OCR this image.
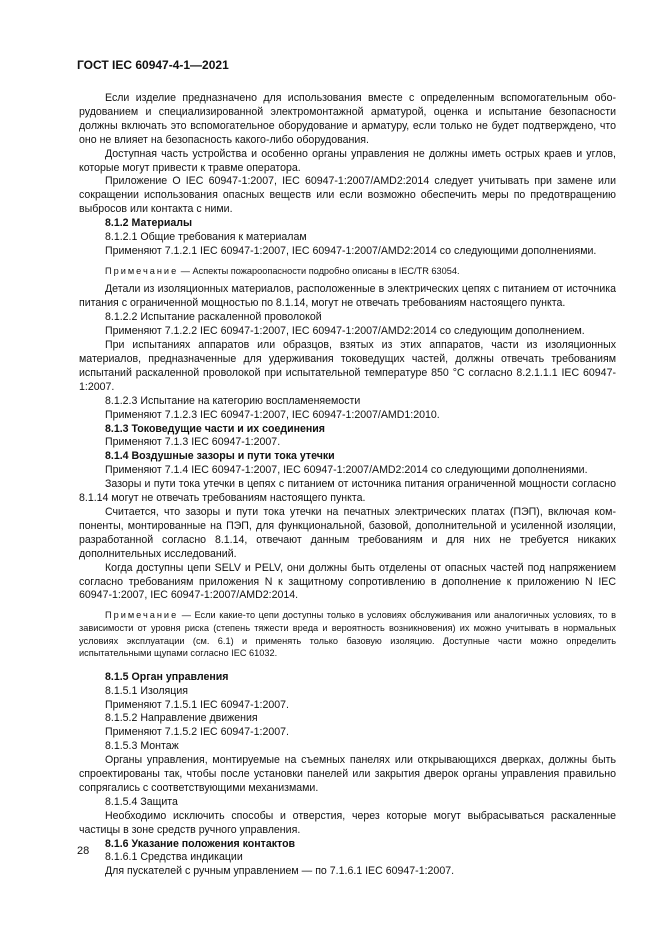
ГОСТ IEC 60947-4-1—2021

Если изделие предназначено для использования вместе с определенным вспомогательным оборудованием и специализированной электромонтажной арматурой, оценка и испытание безопасности должны включать это вспомогательное оборудование и арматуру, если только не будет подтверждено, что оно не влияет на безопасность какого-либо оборудования.

Доступная часть устройства и особенно органы управления не должны иметь острых краев и углов, которые могут привести к травме оператора.

Приложение O IEC 60947-1:2007, IEC 60947-1:2007/AMD2:2014 следует учитывать при замене или сокращении использования опасных веществ или если возможно обеспечить меры по предотвращению выбросов или контакта с ними.

8.1.2 Материалы

8.1.2.1 Общие требования к материалам

Применяют 7.1.2.1 IEC 60947-1:2007, IEC 60947-1:2007/AMD2:2014 со следующими дополнениями.

Примечание — Аспекты пожароопасности подробно описаны в IEC/TR 63054.

Детали из изоляционных материалов, расположенные в электрических цепях с питанием от источника питания с ограниченной мощностью по 8.1.14, могут не отвечать требованиям настоящего пункта.

8.1.2.2 Испытание раскаленной проволокой

Применяют 7.1.2.2 IEC 60947-1:2007, IEC 60947-1:2007/AMD2:2014 со следующим дополнением.

При испытаниях аппаратов или образцов, взятых из этих аппаратов, части из изоляционных материалов, предназначенные для удерживания токоведущих частей, должны отвечать требованиям испытаний раскаленной проволокой при испытательной температуре 850 °С согласно 8.2.1.1.1 IEC 60947-1:2007.

8.1.2.3 Испытание на категорию воспламеняемости

Применяют 7.1.2.3 IEC 60947-1:2007, IEC 60947-1:2007/AMD1:2010.

8.1.3 Токоведущие части и их соединения

Применяют 7.1.3 IEC 60947-1:2007.

8.1.4 Воздушные зазоры и пути тока утечки

Применяют 7.1.4 IEC 60947-1:2007, IEC 60947-1:2007/AMD2:2014 со следующими дополнениями.

Зазоры и пути тока утечки в цепях с питанием от источника питания ограниченной мощности согласно 8.1.14 могут не отвечать требованиям настоящего пункта.

Считается, что зазоры и пути тока утечки на печатных электрических платах (ПЭП), включая компоненты, монтированные на ПЭП, для функциональной, базовой, дополнительной и усиленной изоляции, разработанной согласно 8.1.14, отвечают данным требованиям и для них не требуется никаких дополнительных исследований.

Когда доступны цепи SELV и PELV, они должны быть отделены от опасных частей под напряжением согласно требованиям приложения N к защитному сопротивлению в дополнение к приложению N IEC 60947-1:2007, IEC 60947-1:2007/AMD2:2014.

Примечание — Если какие-то цепи доступны только в условиях обслуживания или аналогичных условиях, то в зависимости от уровня риска (степень тяжести вреда и вероятность возникновения) их можно учитывать в нормальных условиях эксплуатации (см. 6.1) и применять только базовую изоляцию. Доступные части можно определить испытательными щупами согласно IEC 61032.

8.1.5 Орган управления

8.1.5.1 Изоляция

Применяют 7.1.5.1 IEC 60947-1:2007.

8.1.5.2 Направление движения

Применяют 7.1.5.2 IEC 60947-1:2007.

8.1.5.3 Монтаж

Органы управления, монтируемые на съемных панелях или открывающихся дверках, должны быть спроектированы так, чтобы после установки панелей или закрытия дверок органы управления правильно сопрягались с соответствующими механизмами.

8.1.5.4 Защита

Необходимо исключить способы и отверстия, через которые могут выбрасываться раскаленные частицы в зоне средств ручного управления.

8.1.6 Указание положения контактов

8.1.6.1 Средства индикации

Для пускателей с ручным управлением — по 7.1.6.1 IEC 60947-1:2007.

28
